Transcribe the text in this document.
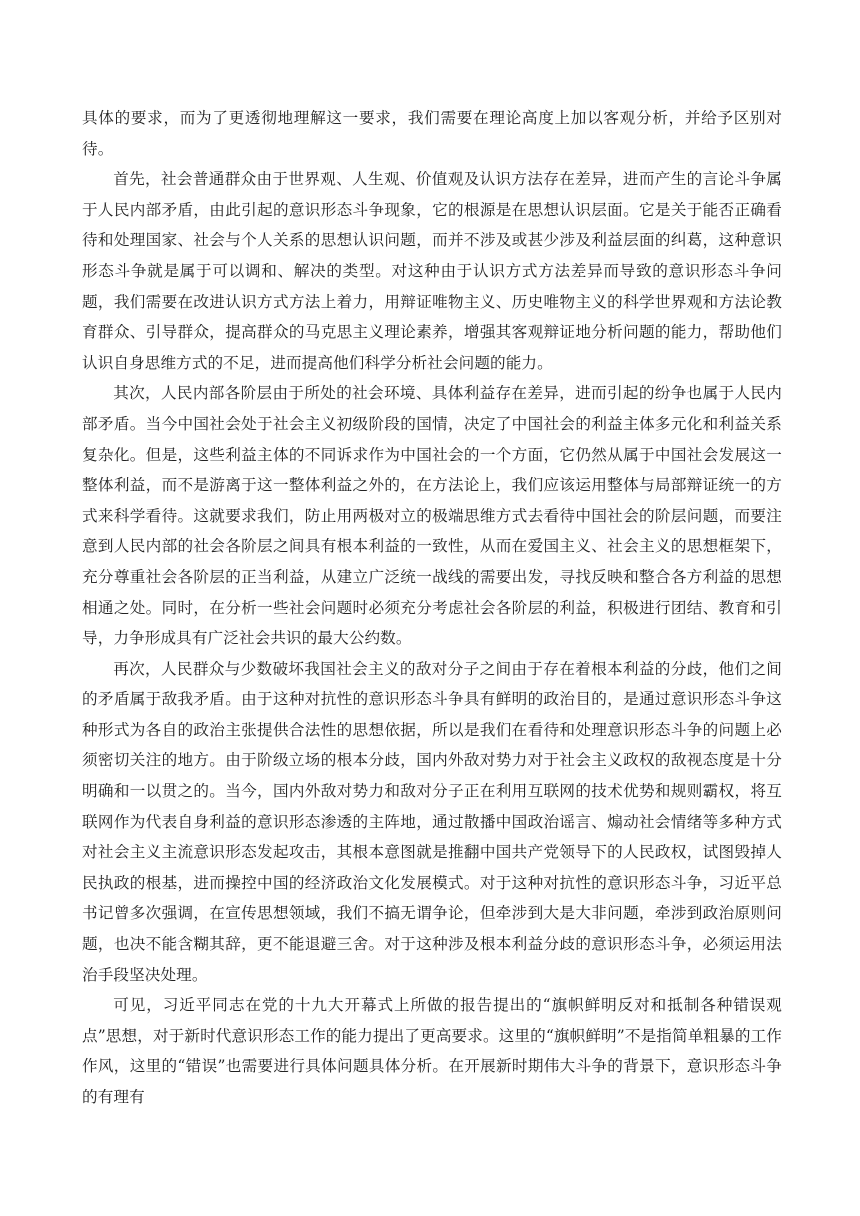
具体的要求，而为了更透彻地理解这一要求，我们需要在理论高度上加以客观分析，并给予区别对待。

首先，社会普通群众由于世界观、人生观、价值观及认识方法存在差异，进而产生的言论斗争属于人民内部矛盾，由此引起的意识形态斗争现象，它的根源是在思想认识层面。它是关于能否正确看待和处理国家、社会与个人关系的思想认识问题，而并不涉及或甚少涉及利益层面的纠葛，这种意识形态斗争就是属于可以调和、解决的类型。对这种由于认识方式方法差异而导致的意识形态斗争问题，我们需要在改进认识方式方法上着力，用辩证唯物主义、历史唯物主义的科学世界观和方法论教育群众、引导群众，提高群众的马克思主义理论素养，增强其客观辩证地分析问题的能力，帮助他们认识自身思维方式的不足，进而提高他们科学分析社会问题的能力。

其次，人民内部各阶层由于所处的社会环境、具体利益存在差异，进而引起的纷争也属于人民内部矛盾。当今中国社会处于社会主义初级阶段的国情，决定了中国社会的利益主体多元化和利益关系复杂化。但是，这些利益主体的不同诉求作为中国社会的一个方面，它仍然从属于中国社会发展这一整体利益，而不是游离于这一整体利益之外的，在方法论上，我们应该运用整体与局部辩证统一的方式来科学看待。这就要求我们，防止用两极对立的极端思维方式去看待中国社会的阶层问题，而要注意到人民内部的社会各阶层之间具有根本利益的一致性，从而在爱国主义、社会主义的思想框架下，充分尊重社会各阶层的正当利益，从建立广泛统一战线的需要出发，寻找反映和整合各方利益的思想相通之处。同时，在分析一些社会问题时必须充分考虑社会各阶层的利益，积极进行团结、教育和引导，力争形成具有广泛社会共识的最大公约数。

再次，人民群众与少数破坏我国社会主义的敌对分子之间由于存在着根本利益的分歧，他们之间的矛盾属于敌我矛盾。由于这种对抗性的意识形态斗争具有鲜明的政治目的，是通过意识形态斗争这种形式为各自的政治主张提供合法性的思想依据，所以是我们在看待和处理意识形态斗争的问题上必须密切关注的地方。由于阶级立场的根本分歧，国内外敌对势力对于社会主义政权的敌视态度是十分明确和一以贯之的。当今，国内外敌对势力和敌对分子正在利用互联网的技术优势和规则霸权，将互联网作为代表自身利益的意识形态渗透的主阵地，通过散播中国政治谣言、煽动社会情绪等多种方式对社会主义主流意识形态发起攻击，其根本意图就是推翻中国共产党领导下的人民政权，试图毁掉人民执政的根基，进而操控中国的经济政治文化发展模式。对于这种对抗性的意识形态斗争，习近平总书记曾多次强调，在宣传思想领域，我们不搞无谓争论，但牵涉到大是大非问题，牵涉到政治原则问题，也决不能含糊其辞，更不能退避三舍。对于这种涉及根本利益分歧的意识形态斗争，必须运用法治手段坚决处理。

可见，习近平同志在党的十九大开幕式上所做的报告提出的“旗帜鲜明反对和抵制各种错误观点”思想，对于新时代意识形态工作的能力提出了更高要求。这里的“旗帜鲜明”不是指简单粗暴的工作作风，这里的“错误”也需要进行具体问题具体分析。在开展新时期伟大斗争的背景下，意识形态斗争的有理有
